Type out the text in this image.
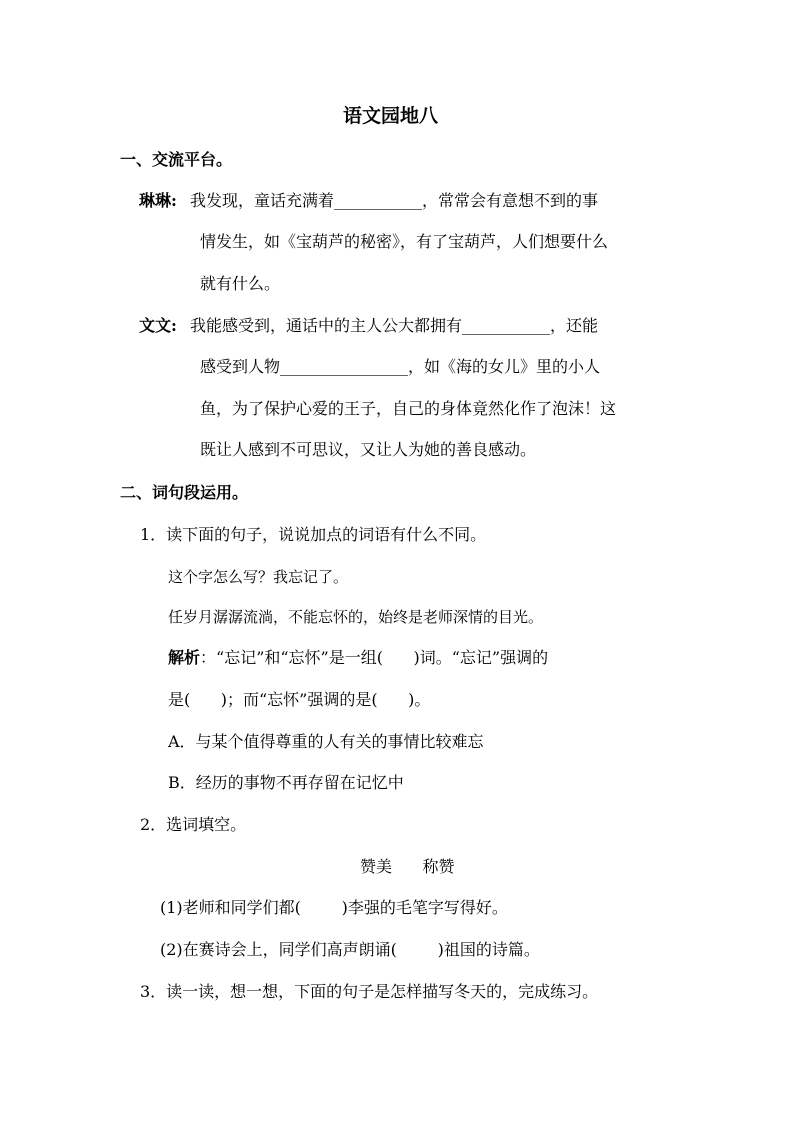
语文园地八
一、交流平台。
琳琳: 我发现，童话充满着___________，常常会有意想不到的事
情发生，如《宝葫芦的秘密》，有了宝葫芦，人们想要什么
就有什么。
文文: 我能感受到，通话中的主人公大都拥有___________，还能
感受到人物________________，如《海的女儿》里的小人
鱼，为了保护心爱的王子，自己的身体竟然化作了泡沫！这
既让人感到不可思议，又让人为她的善良感动。
二、词句段运用。
1．读下面的句子，说说加点的词语有什么不同。
这个字怎么写？我忘记了。
任岁月潺潺流淌，不能忘怀的，始终是老师深情的目光。
解析：“忘记”和“忘怀”是一组(      )词。“忘记”强调的
是(      )；而“忘怀”强调的是(      )。
A．与某个值得尊重的人有关的事情比较难忘
B．经历的事物不再存留在记忆中
2．选词填空。
赞美      称赞
(1)老师和同学们都(        )李强的毛笔字写得好。
(2)在赛诗会上，同学们高声朗诵(        )祖国的诗篇。
3．读一读，想一想，下面的句子是怎样描写冬天的，完成练习。
